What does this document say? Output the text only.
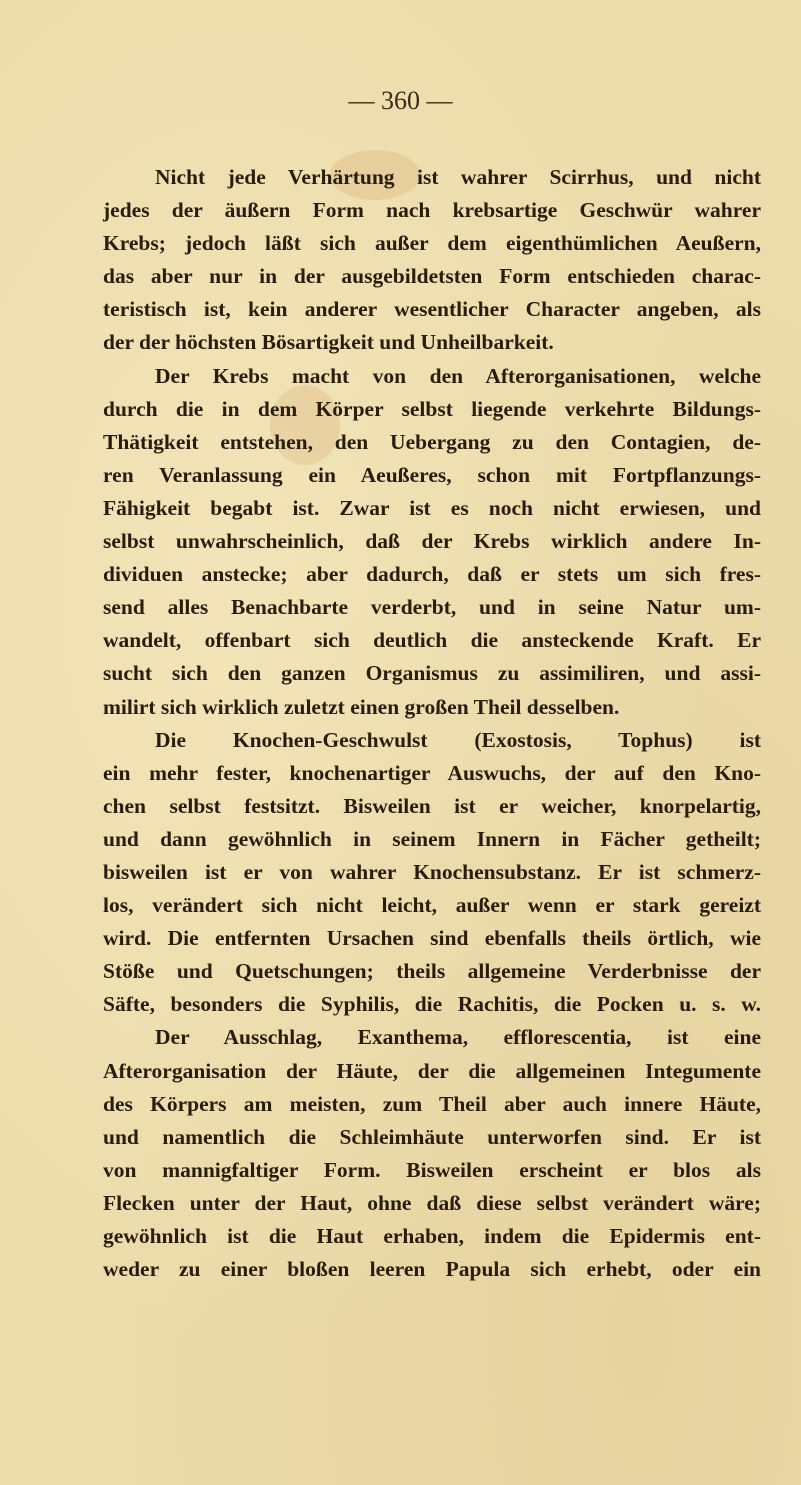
— 360 —
Nicht jede Verhärtung ist wahrer Scirrhus, und nicht
jedes der äußern Form nach krebsartige Geschwür wahrer
Krebs; jedoch läßt sich außer dem eigenthümlichen Aeußern,
das aber nur in der ausgebildetsten Form entschieden charac-
teristisch ist, kein anderer wesentlicher Character angeben, als
der der höchsten Bösartigkeit und Unheilbarkeit.
Der Krebs macht von den Afterorganisationen, welche
durch die in dem Körper selbst liegende verkehrte Bildungs-
Thätigkeit entstehen, den Uebergang zu den Contagien, de-
ren Veranlassung ein Aeußeres, schon mit Fortpflanzungs-
Fähigkeit begabt ist. Zwar ist es noch nicht erwiesen, und
selbst unwahrscheinlich, daß der Krebs wirklich andere In-
dividuen anstecke; aber dadurch, daß er stets um sich fres-
send alles Benachbarte verderbt, und in seine Natur um-
wandelt, offenbart sich deutlich die ansteckende Kraft. Er
sucht sich den ganzen Organismus zu assimiliren, und assi-
milirt sich wirklich zuletzt einen großen Theil desselben.
Die Knochen-Geschwulst (Exostosis, Tophus) ist
ein mehr fester, knochenartiger Auswuchs, der auf den Kno-
chen selbst festsitzt. Bisweilen ist er weicher, knorpelartig,
und dann gewöhnlich in seinem Innern in Fächer getheilt;
bisweilen ist er von wahrer Knochensubstanz. Er ist schmerz-
los, verändert sich nicht leicht, außer wenn er stark gereizt
wird. Die entfernten Ursachen sind ebenfalls theils örtlich, wie
Stöße und Quetschungen; theils allgemeine Verderbnisse der
Säfte, besonders die Syphilis, die Rachitis, die Pocken u. s. w.
Der Ausschlag, Exanthema, efflorescentia, ist eine
Afterorganisation der Häute, der die allgemeinen Integumente
des Körpers am meisten, zum Theil aber auch innere Häute,
und namentlich die Schleimhäute unterworfen sind. Er ist
von mannigfaltiger Form. Bisweilen erscheint er blos als
Flecken unter der Haut, ohne daß diese selbst verändert wäre;
gewöhnlich ist die Haut erhaben, indem die Epidermis ent-
weder zu einer bloßen leeren Papula sich erhebt, oder ein
